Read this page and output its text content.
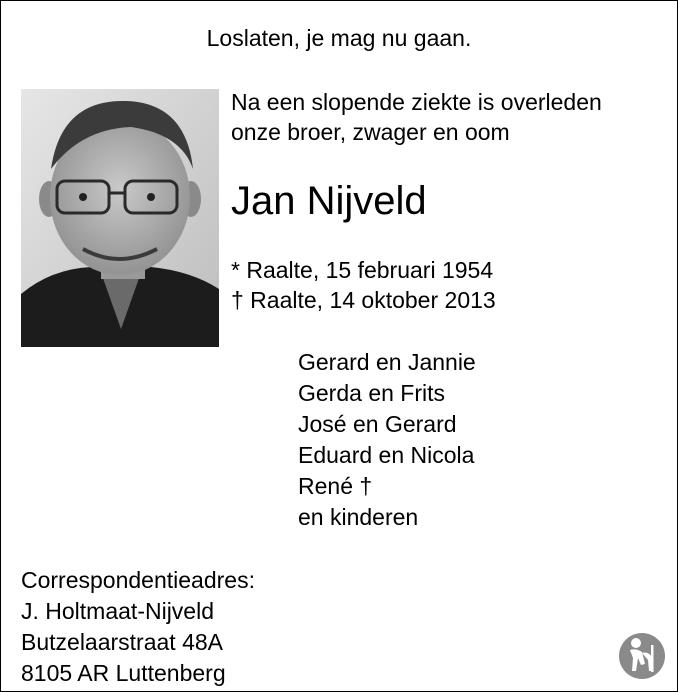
Loslaten, je mag nu gaan.
Na een slopende ziekte is overleden
onze broer, zwager en oom
Jan Nijveld
* Raalte, 15 februari 1954
† Raalte, 14 oktober 2013
Gerard en Jannie
Gerda en Frits
José en Gerard
Eduard en Nicola
René †
en kinderen
Correspondentieadres:
J. Holtmaat-Nijveld
Butzelaarstraat 48A
8105 AR Luttenberg
